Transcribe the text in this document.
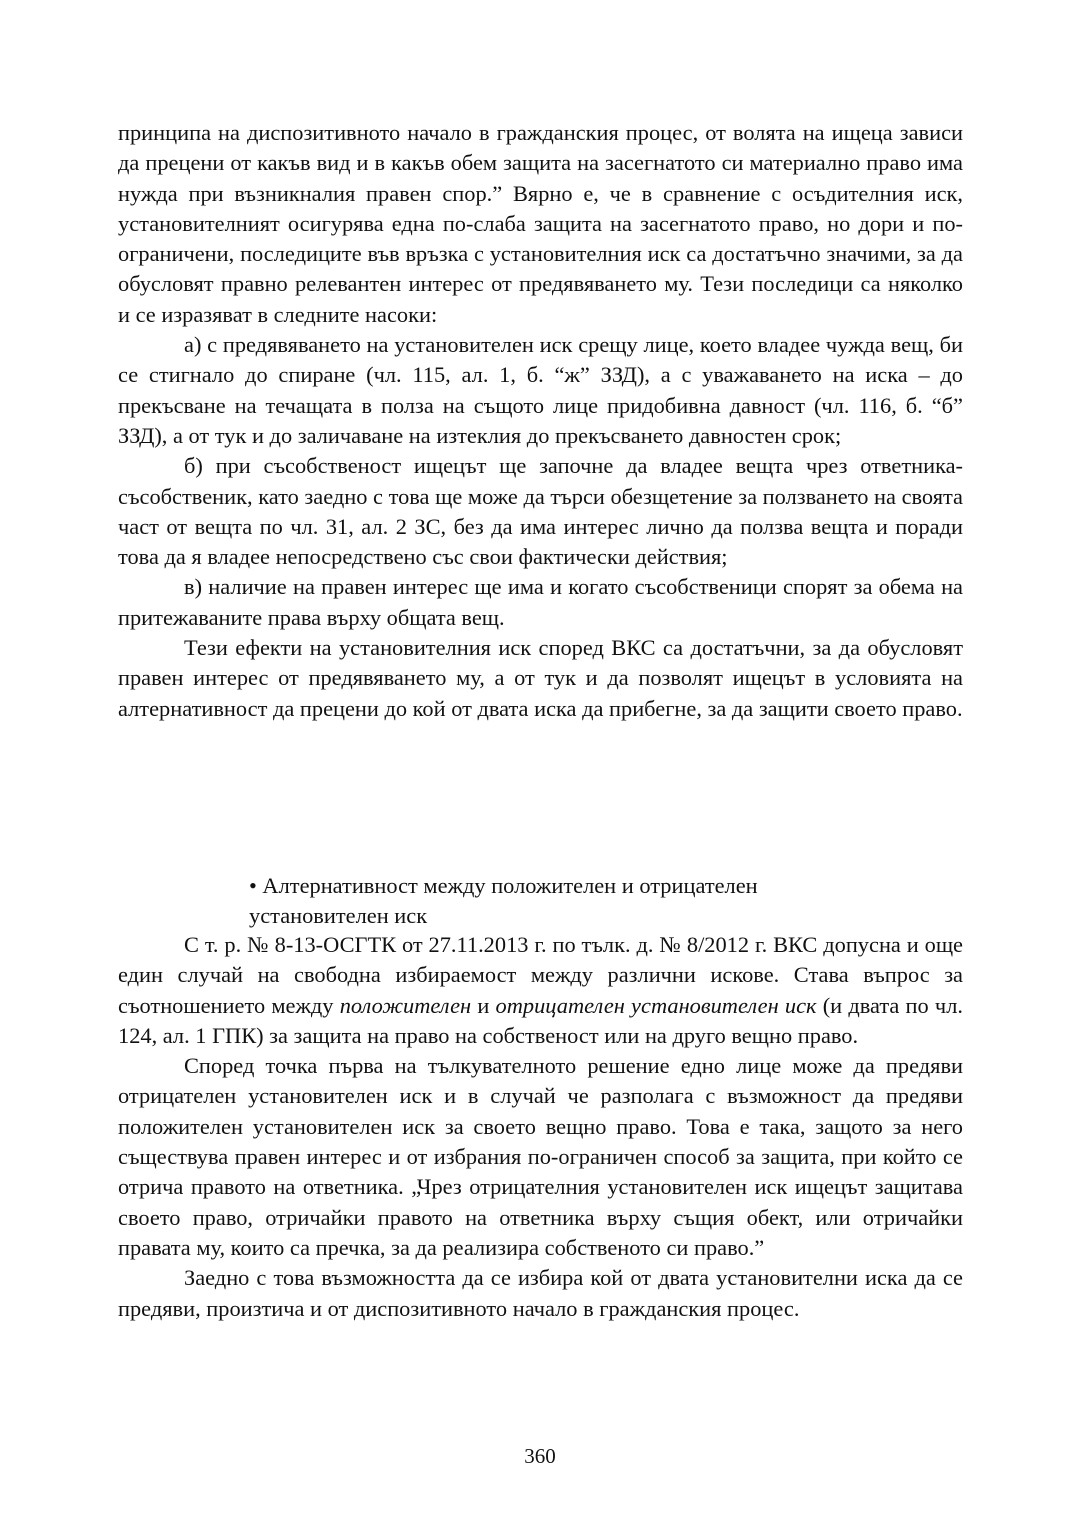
принципа на диспозитивното начало в гражданския процес, от волята на ищеца зависи да прецени от какъв вид и в какъв обем защита на засегнатото си материално право има нужда при възникналия правен спор.” Вярно е, че в сравнение с осъдителния иск, установителният осигурява една по-слаба защита на засегнатото право, но дори и по-ограничени, последиците във връзка с установителния иск са достатъчно значими, за да обусловят правно релевантен интерес от предявяването му. Тези последици са няколко и се изразяват в следните насоки:

а) с предявяването на установителен иск срещу лице, което владее чужда вещ, би се стигнало до спиране (чл. 115, ал. 1, б. “ж” ЗЗД), а с уважаването на иска – до прекъсване на течащата в полза на същото лице придобивна давност (чл. 116, б. “б” ЗЗД), а от тук и до заличаване на изтеклия до прекъсването давностен срок;

б) при съсобственост ищецът ще започне да владее вещта чрез ответника-съсобственик, като заедно с това ще може да търси обезщетение за ползването на своята част от вещта по чл. 31, ал. 2 ЗС, без да има интерес лично да ползва вещта и поради това да я владее непосредствено със свои фактически действия;

в) наличие на правен интерес ще има и когато съсобственици спорят за обема на притежаваните права върху общата вещ.

Тези ефекти на установителния иск според ВКС са достатъчни, за да обусловят правен интерес от предявяването му, а от тук и да позволят ищецът в условията на алтернативност да прецени до кой от двата иска да прибегне, за да защити своето право.

• Алтернативност между положителен и отрицателен
установителен иск

С т. р. № 8-13-ОСГТК от 27.11.2013 г. по тълк. д. № 8/2012 г. ВКС допусна и още един случай на свободна избираемост между различни искове. Става въпрос за съотношението между положителен и отрицателен установителен иск (и двата по чл. 124, ал. 1 ГПК) за защита на право на собственост или на друго вещно право.

Според точка първа на тълкувателното решение едно лице може да предяви отрицателен установителен иск и в случай че разполага с възможност да предяви положителен установителен иск за своето вещно право. Това е така, защото за него съществува правен интерес и от избрания по-ограничен способ за защита, при който се отрича правото на ответника. „Чрез отрицателния установителен иск ищецът защитава своето право, отричайки правото на ответника върху същия обект, или отричайки правата му, които са пречка, за да реализира собственото си право.”

Заедно с това възможността да се избира кой от двата установителни иска да се предяви, произтича и от диспозитивното начало в гражданския процес.

360
